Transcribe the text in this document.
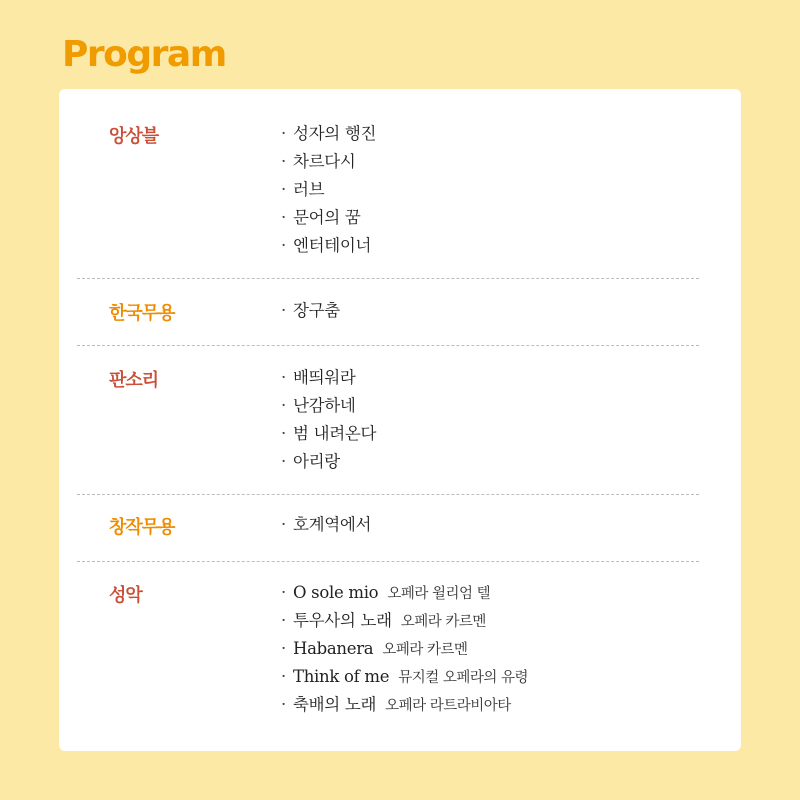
Program
앙상블	· 성자의 행진
· 차르다시
· 러브
· 문어의 꿈
· 엔터테이너
한국무용	· 장구춤
판소리	· 배띄워라
· 난감하네
· 범 내려온다
· 아리랑
창작무용	· 호계역에서
성악	· O sole mio 오페라 윌리엄 텔
· 투우사의 노래 오페라 카르멘
· Habanera 오페라 카르멘
· Think of me 뮤지컬 오페라의 유령
· 축배의 노래 오페라 라트라비아타
